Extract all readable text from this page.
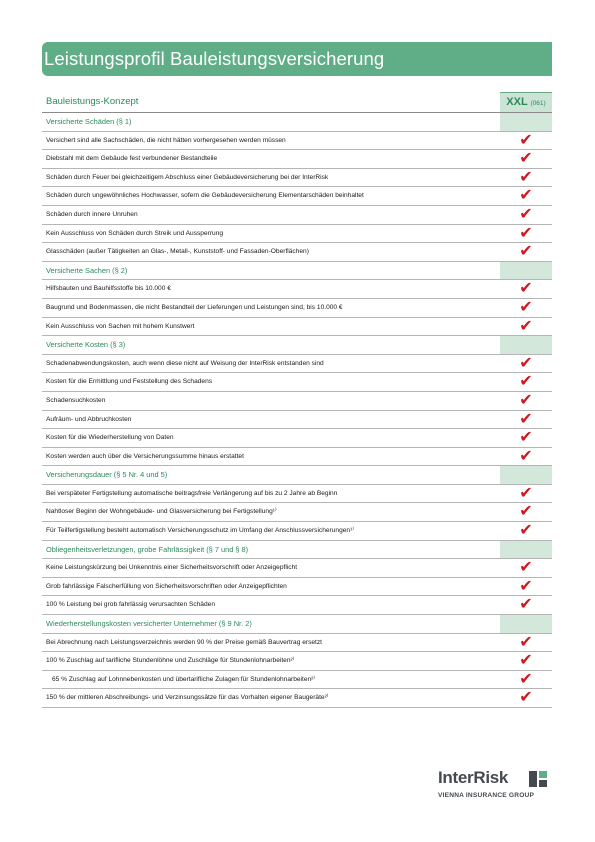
Leistungsprofil Bauleistungsversicherung
Bauleistungs-Konzept	XXL (061)
Versicherte Schäden (§ 1)
Versichert sind alle Sachschäden, die nicht hätten vorhergesehen werden müssen	✔
Diebstahl mit dem Gebäude fest verbundener Bestandteile	✔
Schäden durch Feuer bei gleichzeitigem Abschluss einer Gebäudeversicherung bei der InterRisk	✔
Schäden durch ungewöhnliches Hochwasser, sofern die Gebäudeversicherung Elementarschäden beinhaltet	✔
Schäden durch innere Unruhen	✔
Kein Ausschluss von Schäden durch Streik und Aussperrung	✔
Glasschäden (außer Tätigkeiten an Glas-, Metall-, Kunststoff- und Fassaden-Oberflächen)	✔
Versicherte Sachen (§ 2)
Hilfsbauten und Bauhilfsstoffe bis 10.000 €	✔
Baugrund und Bodenmassen, die nicht Bestandteil der Lieferungen und Leistungen sind, bis 10.000 €	✔
Kein Ausschluss von Sachen mit hohem Kunstwert	✔
Versicherte Kosten (§ 3)
Schadenabwendungskosten, auch wenn diese nicht auf Weisung der InterRisk entstanden sind	✔
Kosten für die Ermittlung und Feststellung des Schadens	✔
Schadensuchkosten	✔
Aufräum- und Abbruchkosten	✔
Kosten für die Wiederherstellung von Daten	✔
Kosten werden auch über die Versicherungssumme hinaus erstattet	✔
Versicherungsdauer (§ 5 Nr. 4 und 5)
Bei verspäteter Fertigstellung automatische beitragsfreie Verlängerung auf bis zu 2 Jahre ab Beginn	✔
Nahtloser Beginn der Wohngebäude- und Glasversicherung bei Fertigstellung¹⁾	✔
Für Teilfertigstellung besteht automatisch Versicherungsschutz im Umfang der Anschlussversicherungen¹⁾	✔
Obliegenheitsverletzungen, grobe Fahrlässigkeit (§ 7 und § 8)
Keine Leistungskürzung bei Unkenntnis einer Sicherheitsvorschrift oder Anzeigepflicht	✔
Grob fahrlässige Falscherfüllung von Sicherheitsvorschriften oder Anzeigepflichten	✔
100 % Leistung bei grob fahrlässig verursachten Schäden	✔
Wiederherstellungskosten versicherter Unternehmer (§ 9 Nr. 2)
Bei Abrechnung nach Leistungsverzeichnis werden 90 % der Preise gemäß Bauvertrag ersetzt	✔
100 % Zuschlag auf tarifliche Stundenlöhne und Zuschläge für Stundenlohnarbeiten²⁾	✔
65 % Zuschlag auf Lohnnebenkosten und übertarifliche Zulagen für Stundenlohnarbeiten²⁾	✔
150 % der mittleren Abschreibungs- und Verzinsungssätze für das Vorhalten eigener Baugeräte²⁾	✔
InterRisk
VIENNA INSURANCE GROUP
